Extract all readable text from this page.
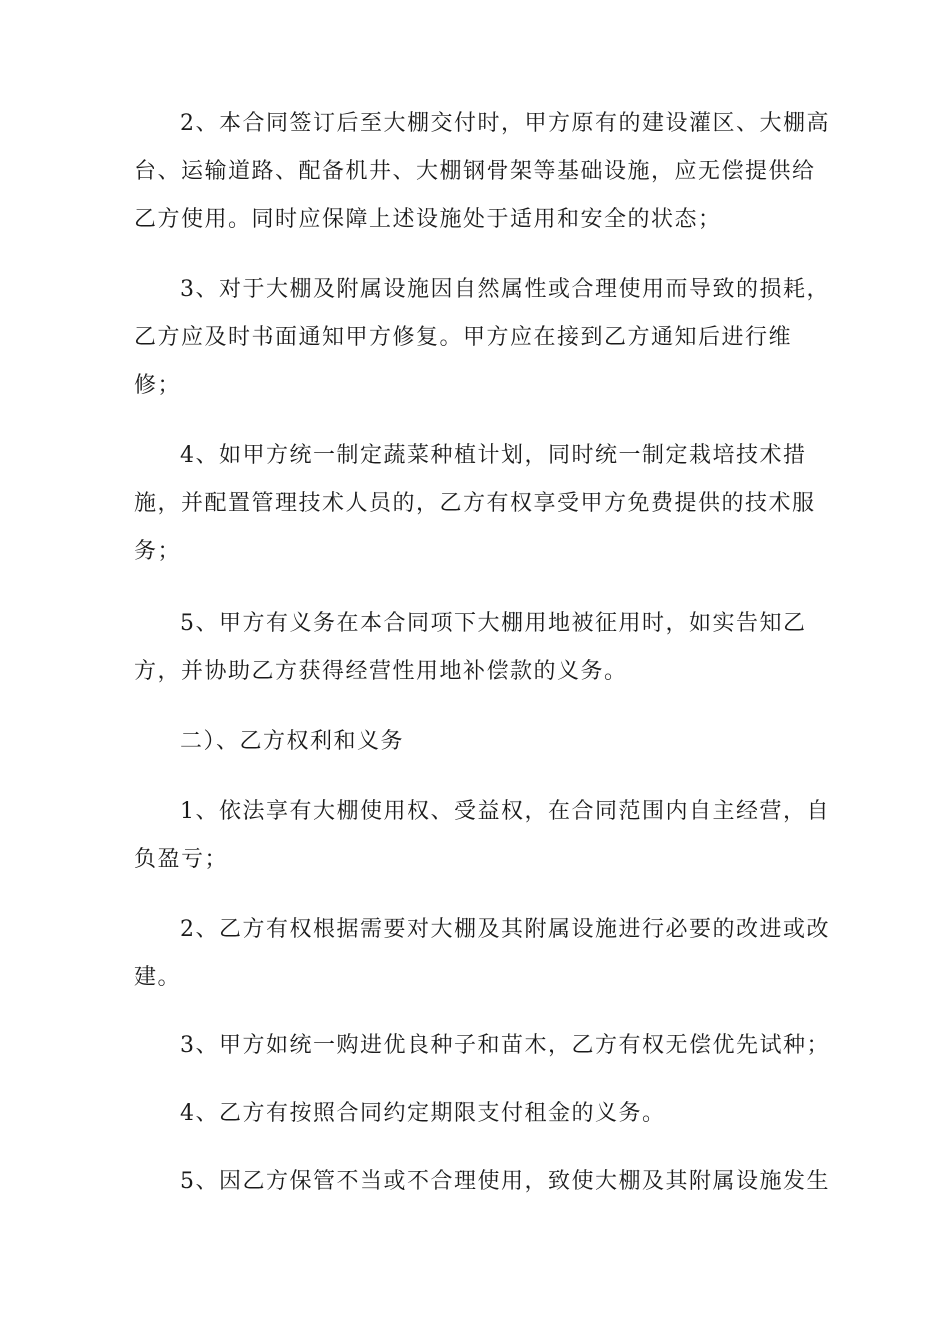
2、本合同签订后至大棚交付时，甲方原有的建设灌区、大棚高
台、运输道路、配备机井、大棚钢骨架等基础设施，应无偿提供给
乙方使用。同时应保障上述设施处于适用和安全的状态；
3、对于大棚及附属设施因自然属性或合理使用而导致的损耗，
乙方应及时书面通知甲方修复。甲方应在接到乙方通知后进行维
修；
4、如甲方统一制定蔬菜种植计划，同时统一制定栽培技术措
施，并配置管理技术人员的，乙方有权享受甲方免费提供的技术服
务；
5、甲方有义务在本合同项下大棚用地被征用时，如实告知乙
方，并协助乙方获得经营性用地补偿款的义务。
二）、乙方权利和义务
1、依法享有大棚使用权、受益权，在合同范围内自主经营，自
负盈亏；
2、乙方有权根据需要对大棚及其附属设施进行必要的改进或改
建。
3、甲方如统一购进优良种子和苗木，乙方有权无偿优先试种；
4、乙方有按照合同约定期限支付租金的义务。
5、因乙方保管不当或不合理使用，致使大棚及其附属设施发生
